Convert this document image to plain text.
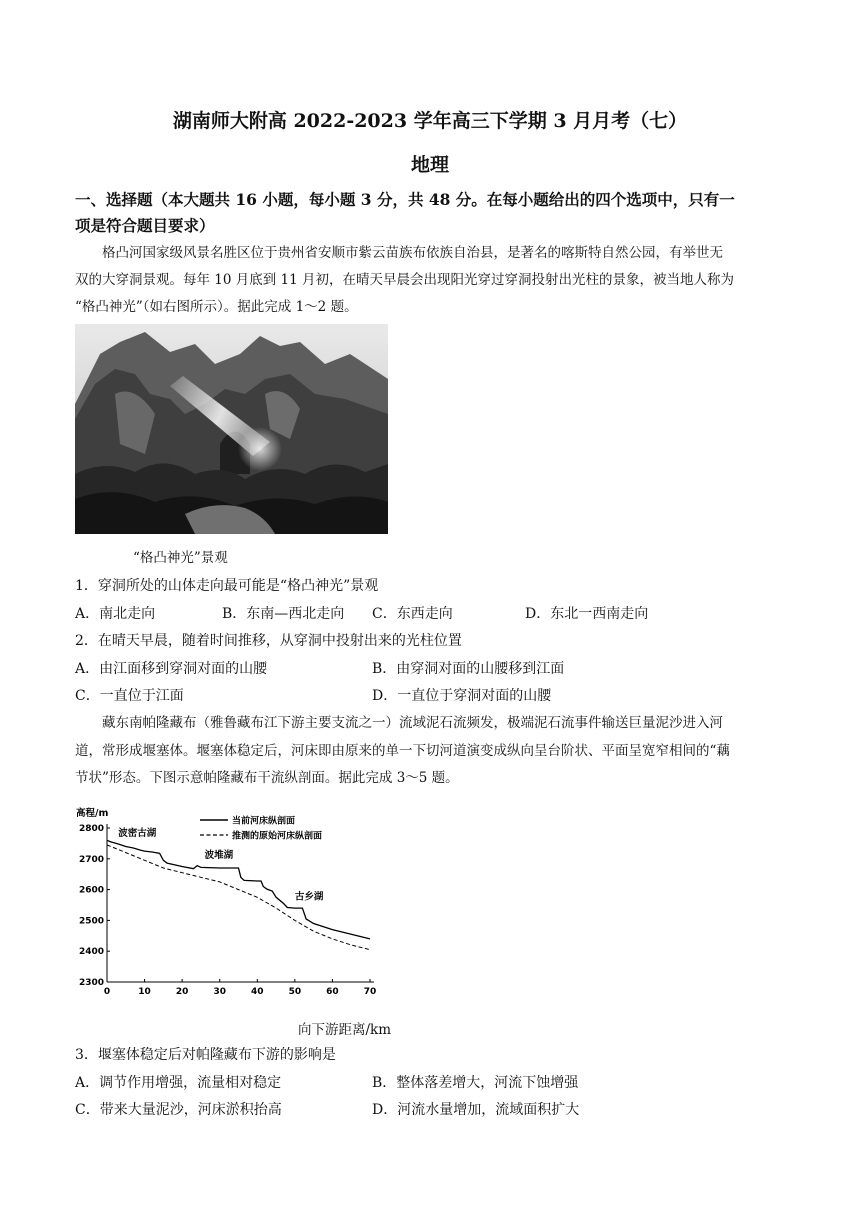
湖南师大附高 2022-2023 学年高三下学期 3 月月考（七）
地理
一、选择题（本大题共 16 小题，每小题 3 分，共 48 分。在每小题给出的四个选项中，只有一
项是符合题目要求）
格凸河国家级风景名胜区位于贵州省安顺市紫云苗族布依族自治县，是著名的喀斯特自然公园，有举世无
双的大穿洞景观。每年 10 月底到 11 月初，在晴天早晨会出现阳光穿过穿洞投射出光柱的景象，被当地人称为
“格凸神光”（如右图所示）。据此完成 1～2 题。
“格凸神光”景观
1．穿洞所处的山体走向最可能是“格凸神光”景观
A．南北走向	B．东南—西北走向 C．东西走向	D．东北一西南走向
2．在晴天早晨，随着时间推移，从穿洞中投射出来的光柱位置
A．由江面移到穿洞对面的山腰	B．由穿洞对面的山腰移到江面
C．一直位于江面	D．一直位于穿洞对面的山腰
藏东南帕隆藏布（雅鲁藏布江下游主要支流之一）流域泥石流频发，极端泥石流事件输送巨量泥沙进入河
道，常形成堰塞体。堰塞体稳定后，河床即由原来的单一下切河道演变成纵向呈台阶状、平面呈宽窄相间的“藕
节状”形态。下图示意帕隆藏布干流纵剖面。据此完成 3～5 题。
高程/m
0	10	20	30	40	50	60	70
2300
2400
2500
2600
2700
2800 波密古湖
波堆湖
古乡湖
当前河床纵剖面
推测的原始河床纵剖面
向下游距离/km
3．堰塞体稳定后对帕隆藏布下游的影响是
A．调节作用增强，流量相对稳定	B．整体落差增大，河流下蚀增强
C．带来大量泥沙，河床淤积抬高	D．河流水量增加，流域面积扩大
